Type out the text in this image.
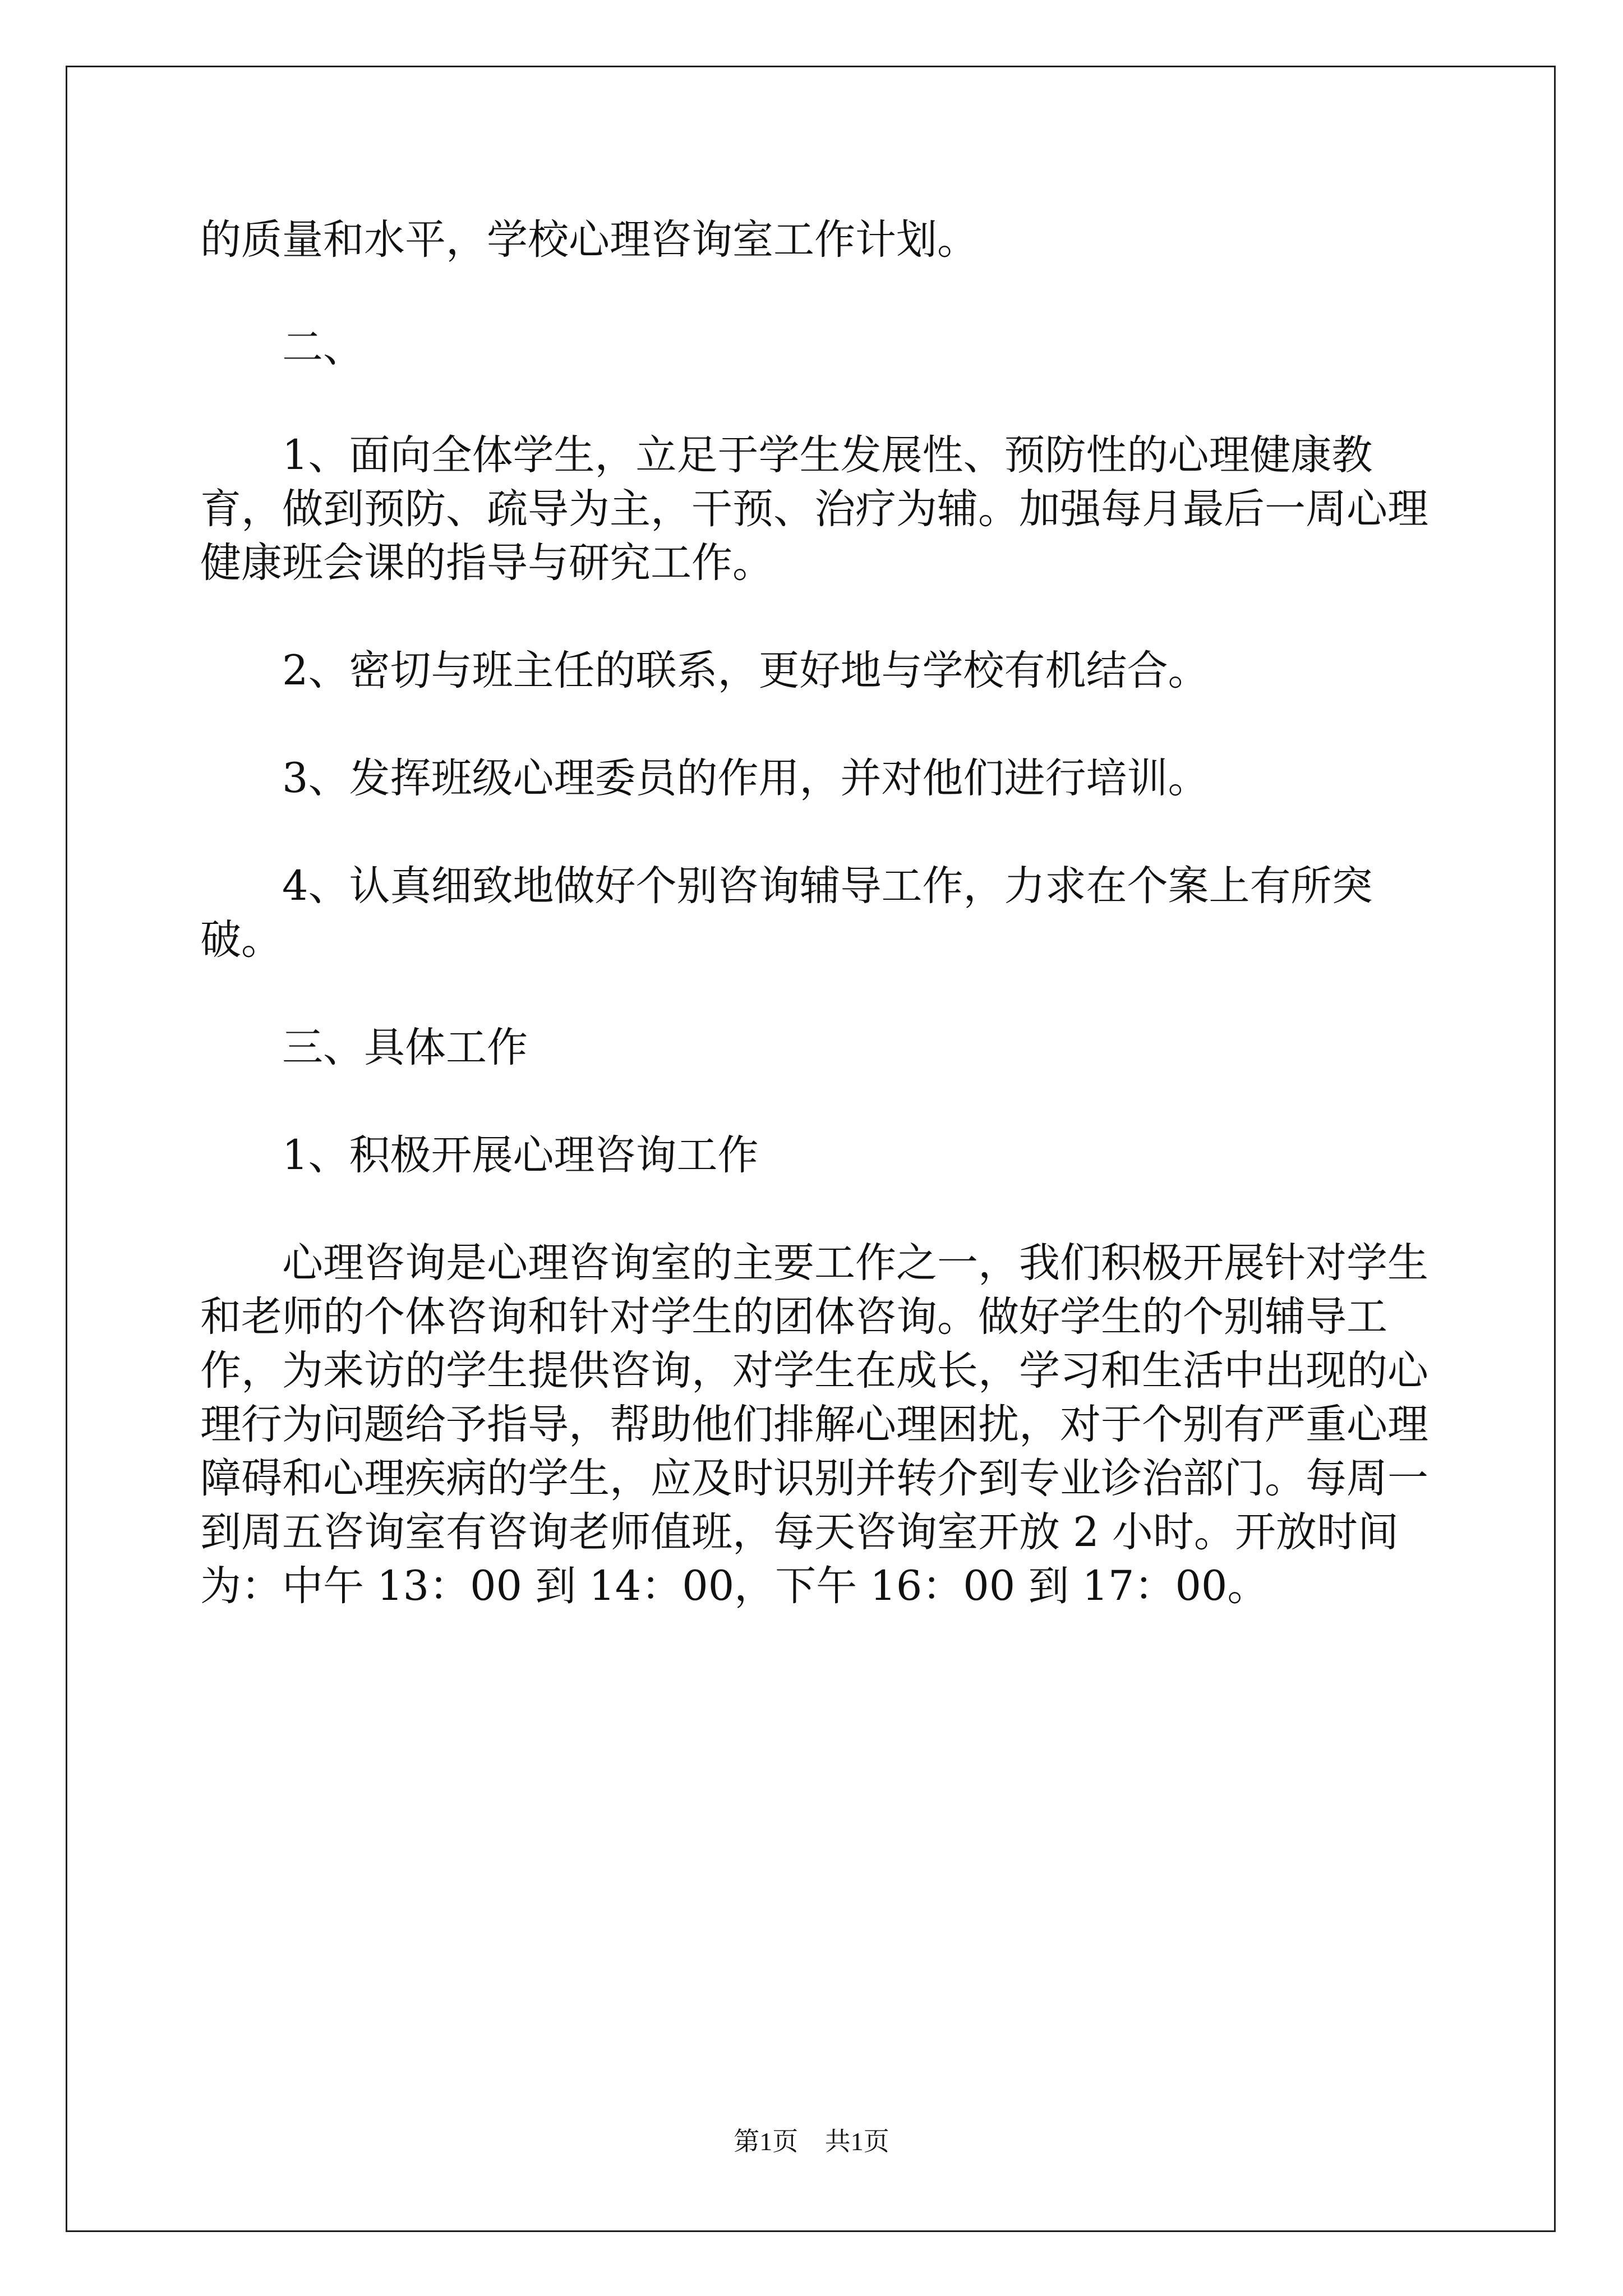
的质量和水平，学校心理咨询室工作计划。

二、

1、面向全体学生，立足于学生发展性、预防性的心理健康教育，做到预防、疏导为主，干预、治疗为辅。加强每月最后一周心理健康班会课的指导与研究工作。

2、密切与班主任的联系，更好地与学校有机结合。

3、发挥班级心理委员的作用，并对他们进行培训。

4、认真细致地做好个别咨询辅导工作，力求在个案上有所突破。

三、具体工作

1、积极开展心理咨询工作

心理咨询是心理咨询室的主要工作之一，我们积极开展针对学生和老师的个体咨询和针对学生的团体咨询。做好学生的个别辅导工作，为来访的学生提供咨询，对学生在成长，学习和生活中出现的心理行为问题给予指导，帮助他们排解心理困扰，对于个别有严重心理障碍和心理疾病的学生，应及时识别并转介到专业诊治部门。每周一到周五咨询室有咨询老师值班，每天咨询室开放 2 小时。开放时间为：中午 13：00 到 14：00，下午 16：00 到 17：00。

第1页 共1页
